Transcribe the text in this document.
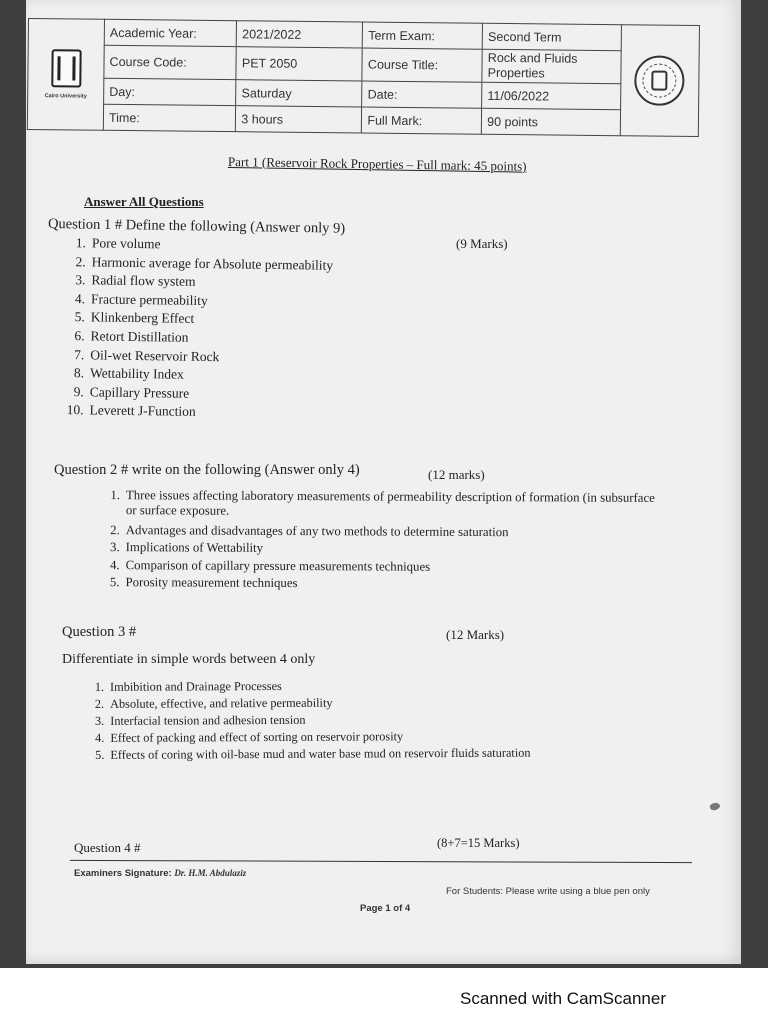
Cairo University	Academic Year:	2021/2022	Term Exam:	Second Term	

	Course Code:	PET 2050	Course Title:	Rock and Fluids Properties	
	Day:	Saturday	Date:	11/06/2022	
	Time:	3 hours	Full Mark:	90 points	
Part 1 (Reservoir Rock Properties – Full mark: 45 points)
Answer All Questions
Question 1 # Define the following (Answer only 9)
(9 Marks)
1. Pore volume
2. Harmonic average for Absolute permeability
3. Radial flow system
4. Fracture permeability
5. Klinkenberg Effect
6. Retort Distillation
7. Oil-wet Reservoir Rock
8. Wettability Index
9. Capillary Pressure
10. Leverett J-Function
Question 2 # write on the following (Answer only 4)	(12 marks)
1. Three issues affecting laboratory measurements of permeability description of formation (in subsurface
or surface exposure.
2. Advantages and disadvantages of any two methods to determine saturation
3. Implications of Wettability
4. Comparison of capillary pressure measurements techniques
5. Porosity measurement techniques
Question 3 #	(12 Marks)
Differentiate in simple words between 4 only
1. Imbibition and Drainage Processes
2. Absolute, effective, and relative permeability
3. Interfacial tension and adhesion tension
4. Effect of packing and effect of sorting on reservoir porosity
5. Effects of coring with oil-base mud and water base mud on reservoir fluids saturation
Question 4 #	(8+7=15 Marks)
Examiners Signature: Dr. H.M. Abdulaziz
For Students: Please write using a blue pen only
Page 1 of 4
Scanned with CamScanner
